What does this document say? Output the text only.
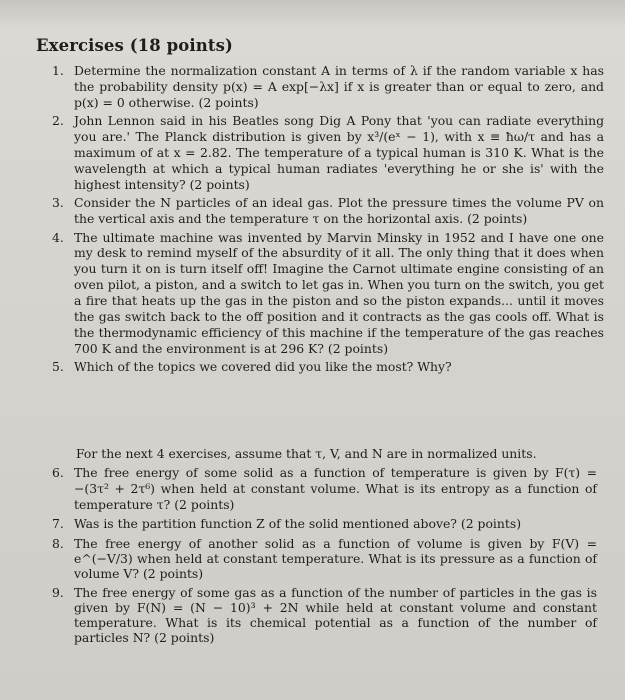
Exercises (18 points)
1. Determine the normalization constant A in terms of λ if the random variable x has the probability density p(x) = A exp[−λx] if x is greater than or equal to zero, and p(x) = 0 otherwise. (2 points)
2. John Lennon said in his Beatles song Dig A Pony that 'you can radiate everything you are.' The Planck distribution is given by x³/(eˣ − 1), with x ≡ ħω/τ and has a maximum of at x = 2.82. The temperature of a typical human is 310 K. What is the wavelength at which a typical human radiates 'everything he or she is' with the highest intensity? (2 points)
3. Consider the N particles of an ideal gas. Plot the pressure times the volume PV on the vertical axis and the temperature τ on the horizontal axis. (2 points)
4. The ultimate machine was invented by Marvin Minsky in 1952 and I have one one my desk to remind myself of the absurdity of it all. The only thing that it does when you turn it on is turn itself off! Imagine the Carnot ultimate engine consisting of an oven pilot, a piston, and a switch to let gas in. When you turn on the switch, you get a fire that heats up the gas in the piston and so the piston expands... until it moves the gas switch back to the off position and it contracts as the gas cools off. What is the thermodynamic efficiency of this machine if the temperature of the gas reaches 700 K and the environment is at 296 K? (2 points)
5. Which of the topics we covered did you like the most? Why?
For the next 4 exercises, assume that τ, V, and N are in normalized units.
6. The free energy of some solid as a function of temperature is given by F(τ) = −(3τ² + 2τ⁶) when held at constant volume. What is its entropy as a function of temperature τ? (2 points)
7. Was is the partition function Z of the solid mentioned above? (2 points)
8. The free energy of another solid as a function of volume is given by F(V) = e^(−V/3) when held at constant temperature. What is its pressure as a function of volume V? (2 points)
9. The free energy of some gas as a function of the number of particles in the gas is given by F(N) = (N − 10)³ + 2N while held at constant volume and constant temperature. What is its chemical potential as a function of the number of particles N? (2 points)
